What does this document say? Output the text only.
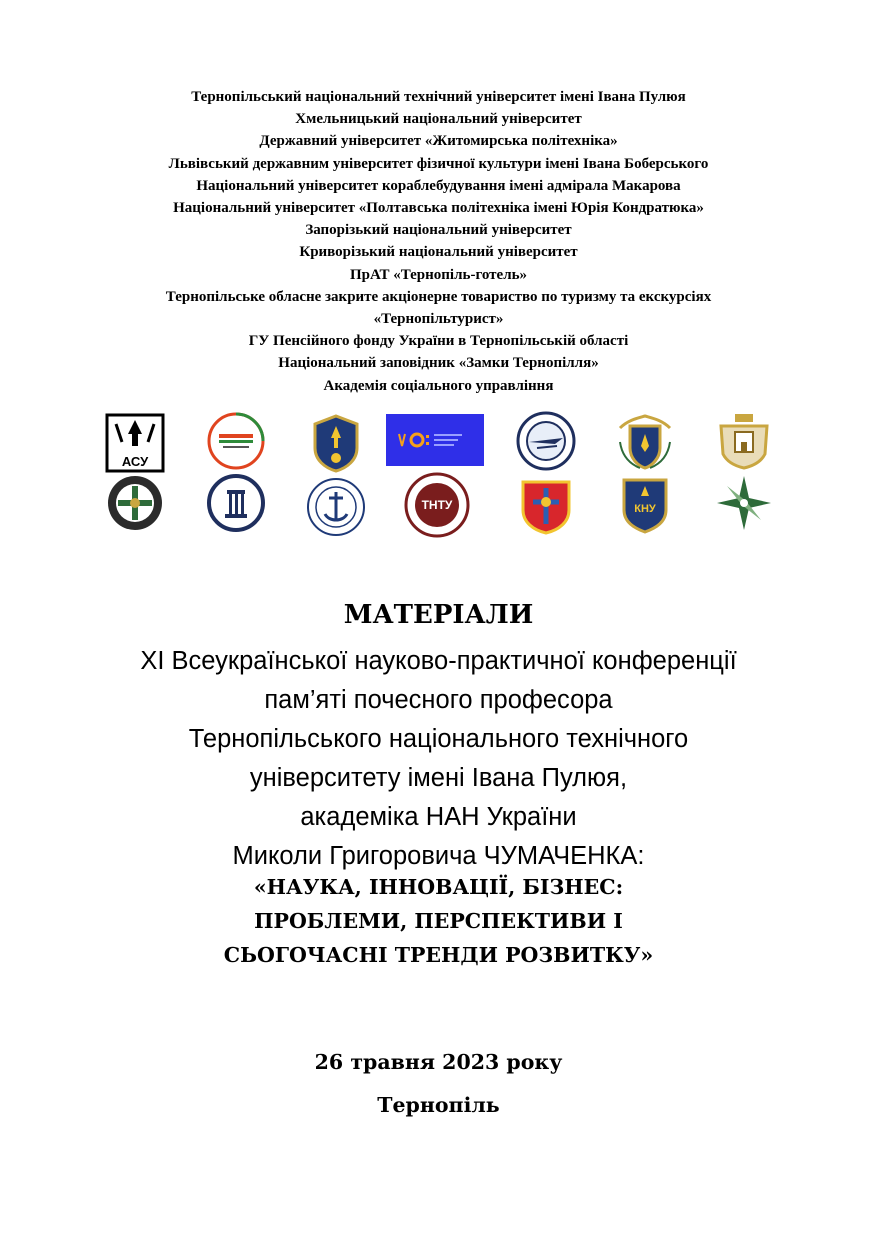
Тернопільський національний технічний університет імені Івана Пулюя
Хмельницький національний університет
Державний університет «Житомирська політехніка»
Львівський державним університет фізичної культури імені Івана Боберського
Національний університет кораблебудування імені адмірала Макарова
Національний університет «Полтавська політехніка імені Юрія Кондратюка»
Запорізький національний університет
Криворізький національний університет
ПрАТ «Тернопіль-готель»
Тернопільське обласне закрите акціонерне товариство по туризму та екскурсіях
«Тернопільтурист»
ГУ Пенсійного фонду України в Тернопільській області
Національний заповідник «Замки Тернопілля»
Академія соціального управління
АСУ
ТНТУ	КНУ
МАТЕРІАЛИ
XI Всеукраїнської науково-практичної конференції
пам’яті почесного професора
Тернопільського національного технічного
університету імені Івана Пулюя,
академіка НАН України
Миколи Григоровича ЧУМАЧЕНКА:
«НАУКА, ІННОВАЦІЇ, БІЗНЕС:
ПРОБЛЕМИ, ПЕРСПЕКТИВИ І
СЬОГОЧАСНІ ТРЕНДИ РОЗВИТКУ»
26 травня 2023 року
Тернопіль
